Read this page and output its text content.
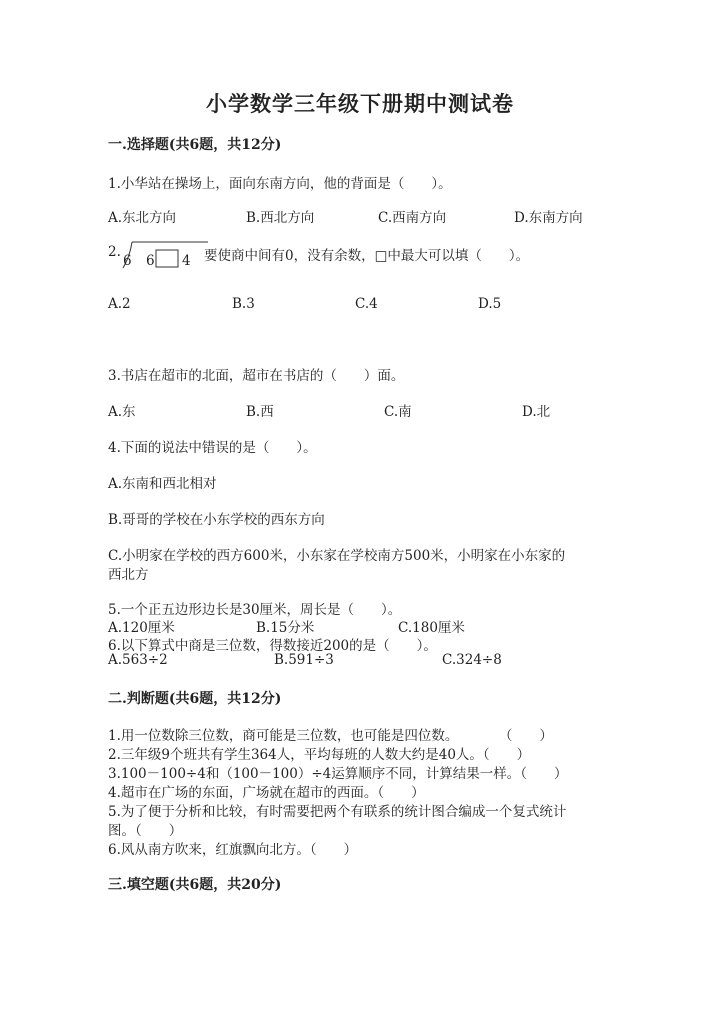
小学数学三年级下册期中测试卷
一.选择题(共6题，共12分)
1.小华站在操场上，面向东南方向，他的背面是（　　）。
A.东北方向	B.西北方向	C.西南方向	D.东南方向
2.
6 6 4 要使商中间有0，没有余数，□中最大可以填（　　）。
A.2	B.3	C.4	D.5
3.书店在超市的北面，超市在书店的（　　）面。
A.东	B.西	C.南	D.北
4.下面的说法中错误的是（　　）。
A.东南和西北相对
B.哥哥的学校在小东学校的西东方向
C.小明家在学校的西方600米，小东家在学校南方500米，小明家在小东家的
西北方
5.一个正五边形边长是30厘米，周长是（　　）。
A.120厘米	B.15分米	C.180厘米
6.以下算式中商是三位数，得数接近200的是（　　）。
A.563÷2	B.591÷3	C.324÷8
二.判断题(共6题，共12分)
1.用一位数除三位数，商可能是三位数，也可能是四位数。　　　　（　　）
2.三年级9个班共有学生364人，平均每班的人数大约是40人。（　　）
3.100－100÷4和（100－100）÷4运算顺序不同，计算结果一样。（　　）
4.超市在广场的东面，广场就在超市的西面。（　　）
5.为了便于分析和比较，有时需要把两个有联系的统计图合编成一个复式统计
图。（　　）
6.风从南方吹来，红旗飘向北方。（　　）
三.填空题(共6题，共20分)
